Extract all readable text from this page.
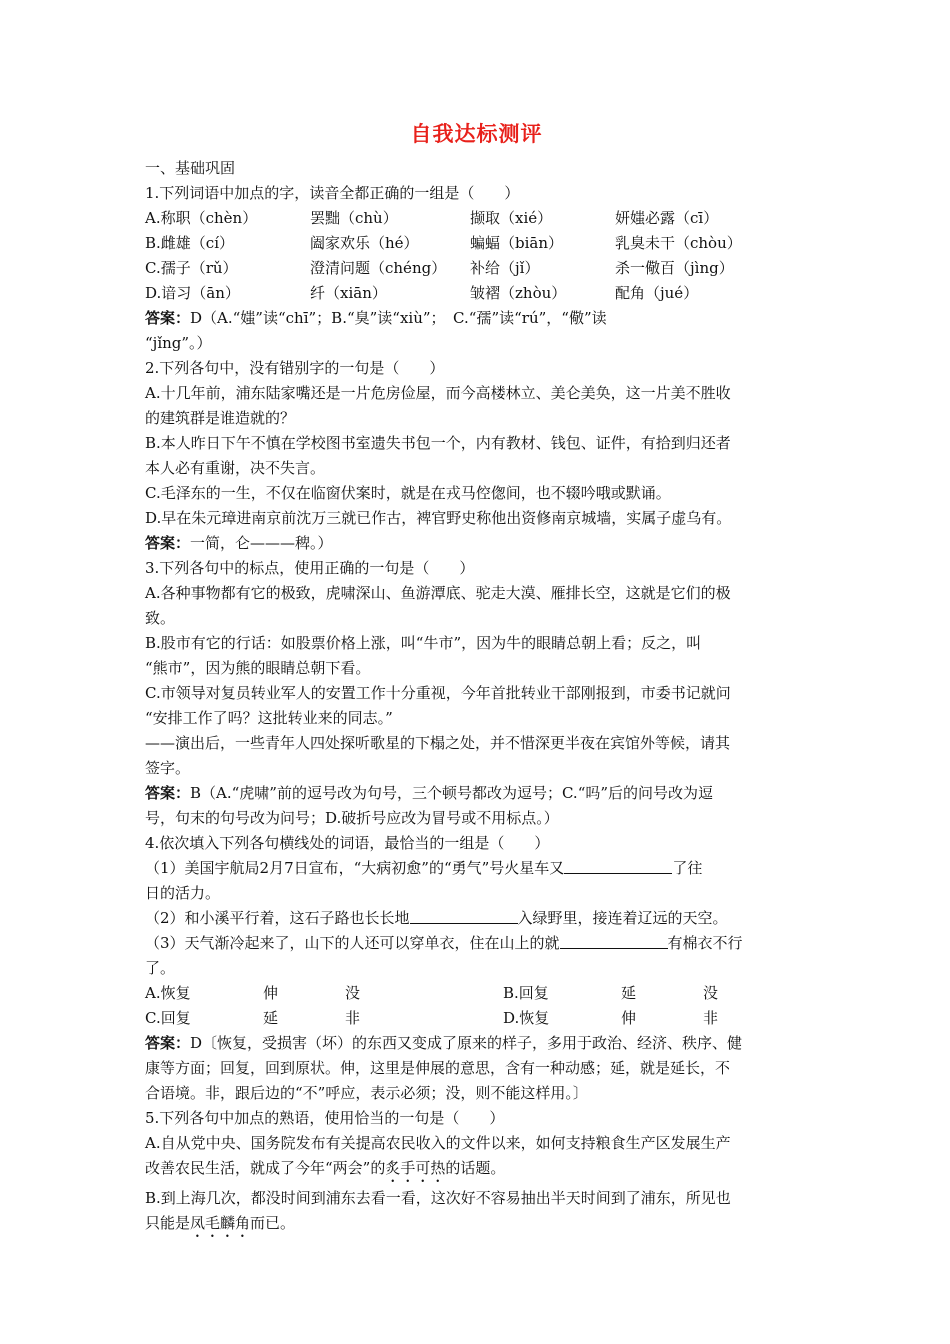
自我达标测评

一、基础巩固

1.下列词语中加点的字，读音全都正确的一组是（　　）

A.称职（chèn）	罢黜（chù）	撷取（xié）	妍媸必露（cī）
B.雌雄（cí）	阖家欢乐（hé）	蝙蝠（biān）	乳臭未干（chòu）
C.孺子（rǔ）	澄清问题（chéng）	补给（jǐ）	杀一儆百（jìng）
D.谙习（ān）	纤（xiān）	皱褶（zhòu）	配角（jué）

答案：D（A.“媸”读“chī”；B.“臭”读“xiù”；　C.“孺”读“rú”，“儆”读

“jǐng”。）

2.下列各句中，没有错别字的一句是（　　）

A.十几年前，浦东陆家嘴还是一片危房俭屋，而今高楼林立、美仑美奂，这一片美不胜收

的建筑群是谁造就的？

B.本人昨日下午不慎在学校图书室遗失书包一个，内有教材、钱包、证件，有拾到归还者

本人必有重谢，决不失言。

C.毛泽东的一生，不仅在临窗伏案时，就是在戎马倥偬间，也不辍吟哦或默诵。

D.早在朱元璋进南京前沈万三就已作古，裨官野史称他出资修南京城墙，实属子虚乌有。

答案：一简，仑———稗。）

3.下列各句中的标点，使用正确的一句是（　　）

A.各种事物都有它的极致，虎啸深山、鱼游潭底、驼走大漠、雁排长空，这就是它们的极

致。

B.股市有它的行话：如股票价格上涨，叫“牛市”，因为牛的眼睛总朝上看；反之，叫

“熊市”，因为熊的眼睛总朝下看。

C.市领导对复员转业军人的安置工作十分重视，今年首批转业干部刚报到，市委书记就问

“安排工作了吗？这批转业来的同志。”

——演出后，一些青年人四处探听歌星的下榻之处，并不惜深更半夜在宾馆外等候，请其

签字。

答案：B（A.“虎啸”前的逗号改为句号，三个顿号都改为逗号；C.“吗”后的问号改为逗

号，句末的句号改为问号；D.破折号应改为冒号或不用标点。）

4.依次填入下列各句横线处的词语，最恰当的一组是（　　）

（1）美国宇航局2月7日宣布，“大病初愈”的“勇气”号火星车又	了往

日的活力。

（2）和小溪平行着，这石子路也长长地	入绿野里，接连着辽远的天空。

（3）天气渐冷起来了，山下的人还可以穿单衣，住在山上的就	有棉衣不行

了。

A.恢复	伸	没	B.回复	延	没
C.回复	延	非	D.恢复	伸	非

答案：D〔恢复，受损害（坏）的东西又变成了原来的样子，多用于政治、经济、秩序、健

康等方面；回复，回到原状。伸，这里是伸展的意思，含有一种动感；延，就是延长，不

合语境。非，跟后边的“不”呼应，表示必须；没，则不能这样用。〕

5.下列各句中加点的熟语，使用恰当的一句是（　　）

A.自从党中央、国务院发布有关提高农民收入的文件以来，如何支持粮食生产区发展生产

改善农民生活，就成了今年“两会”的炙手可热的话题。

B.到上海几次，都没时间到浦东去看一看，这次好不容易抽出半天时间到了浦东，所见也

只能是凤毛麟角而已。
